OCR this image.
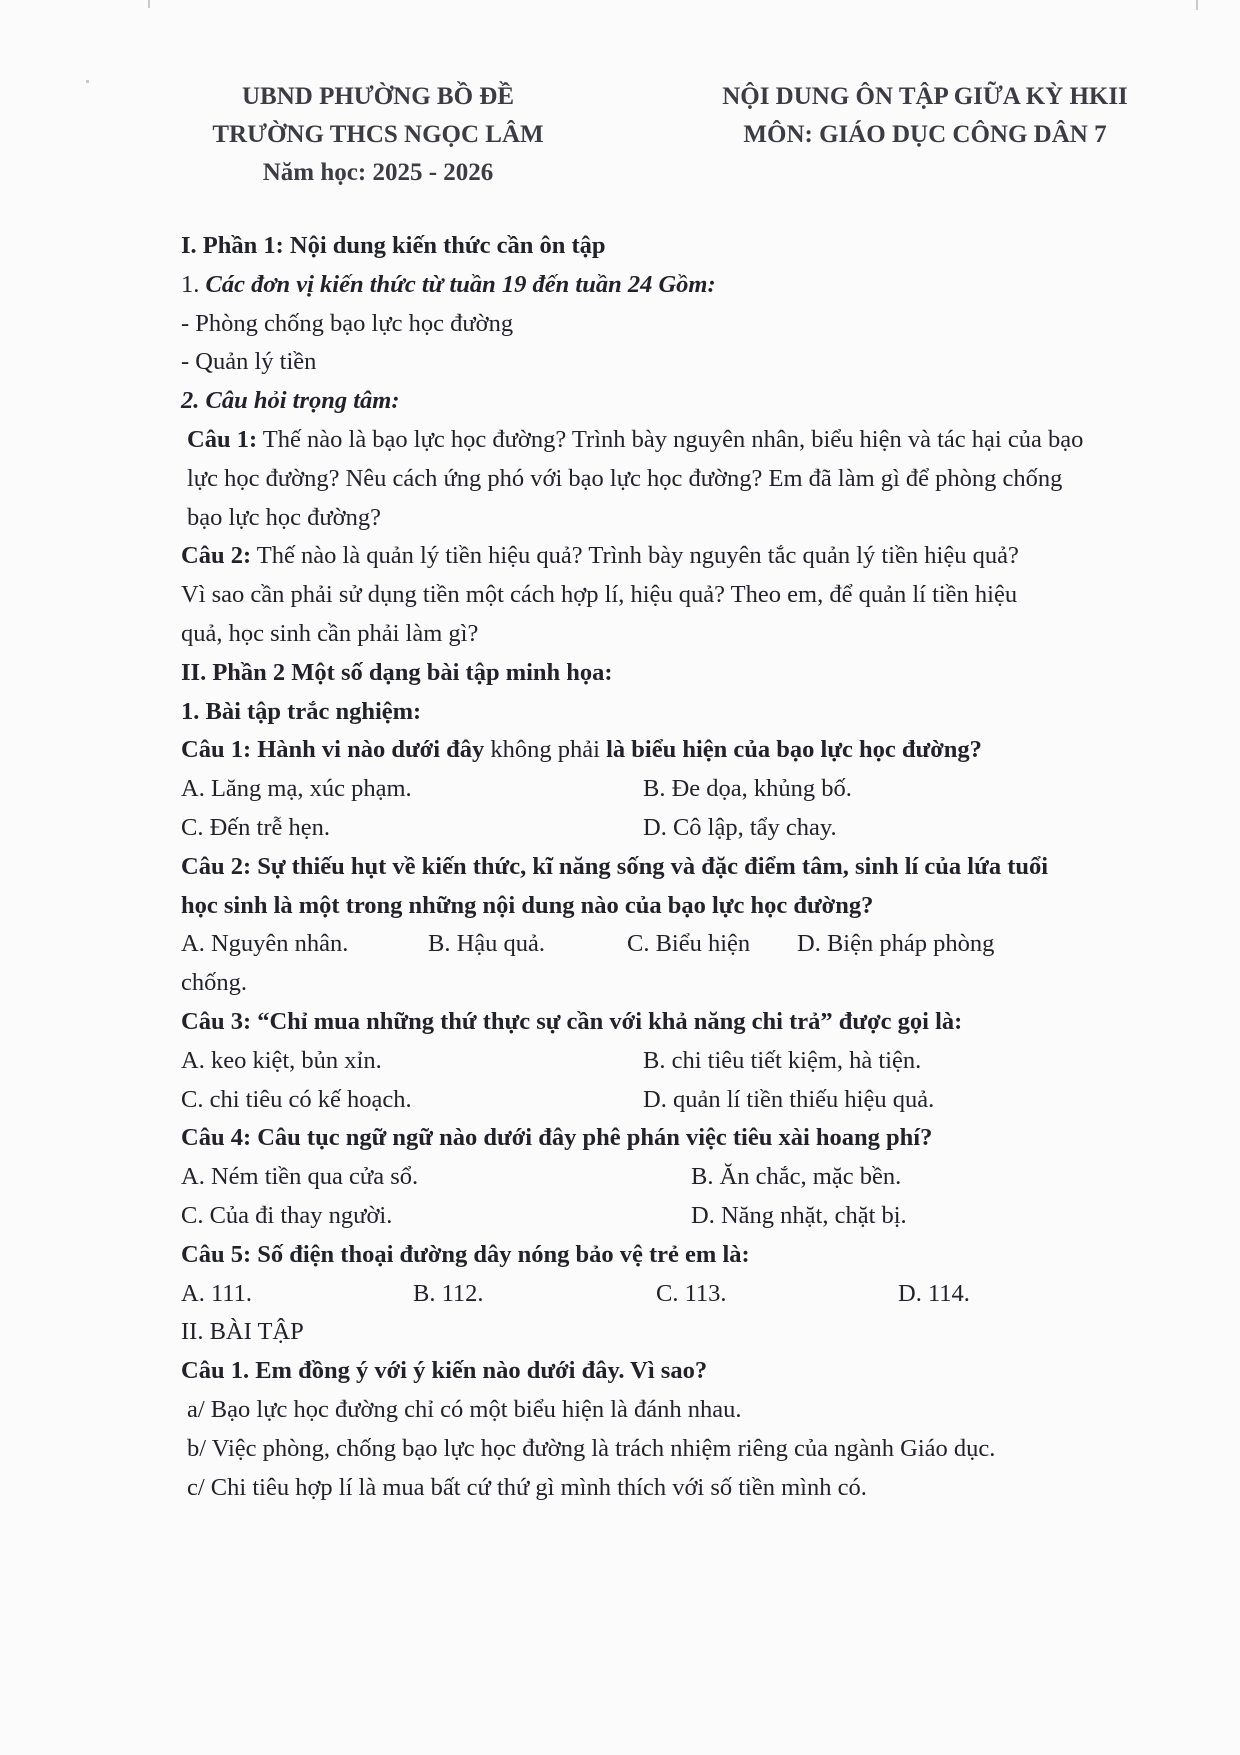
UBND PHƯỜNG BỒ ĐỀ
TRƯỜNG THCS NGỌC LÂM
Năm học: 2025 - 2026
NỘI DUNG ÔN TẬP GIỮA KỲ HKII
MÔN: GIÁO DỤC CÔNG DÂN 7
I. Phần 1: Nội dung kiến thức cần ôn tập
1. Các đơn vị kiến thức từ tuần 19 đến tuần 24 Gồm:
- Phòng chống bạo lực học đường
- Quản lý tiền
2. Câu hỏi trọng tâm:
Câu 1: Thế nào là bạo lực học đường? Trình bày nguyên nhân, biểu hiện và tác hại của bạo lực học đường? Nêu cách ứng phó với bạo lực học đường? Em đã làm gì để phòng chống bạo lực học đường?
Câu 2: Thế nào là quản lý tiền hiệu quả? Trình bày nguyên tắc quản lý tiền hiệu quả?
Vì sao cần phải sử dụng tiền một cách hợp lí, hiệu quả? Theo em, để quản lí tiền hiệu quả, học sinh cần phải làm gì?
II. Phần 2 Một số dạng bài tập minh họa:
1. Bài tập trắc nghiệm:
Câu 1: Hành vi nào dưới đây không phải là biểu hiện của bạo lực học đường?
A. Lăng mạ, xúc phạm.	B. Đe dọa, khủng bố.
C. Đến trễ hẹn.	D. Cô lập, tẩy chay.
Câu 2: Sự thiếu hụt về kiến thức, kĩ năng sống và đặc điểm tâm, sinh lí của lứa tuổi học sinh là một trong những nội dung nào của bạo lực học đường?
A. Nguyên nhân.	B. Hậu quả.	C. Biểu hiện D. Biện pháp phòng
chống.
Câu 3: “Chỉ mua những thứ thực sự cần với khả năng chi trả” được gọi là:
A. keo kiệt, bủn xỉn.	B. chi tiêu tiết kiệm, hà tiện.
C. chi tiêu có kế hoạch.	D. quản lí tiền thiếu hiệu quả.
Câu 4: Câu tục ngữ ngữ nào dưới đây phê phán việc tiêu xài hoang phí?
A. Ném tiền qua cửa sổ.	B. Ăn chắc, mặc bền.
C. Của đi thay người.	D. Năng nhặt, chặt bị.
Câu 5: Số điện thoại đường dây nóng bảo vệ trẻ em là:
A. 111.	B. 112.	C. 113.	D. 114.
II. BÀI TẬP
Câu 1. Em đồng ý với ý kiến nào dưới đây. Vì sao?
a/ Bạo lực học đường chỉ có một biểu hiện là đánh nhau.
b/ Việc phòng, chống bạo lực học đường là trách nhiệm riêng của ngành Giáo dục.
c/ Chi tiêu hợp lí là mua bất cứ thứ gì mình thích với số tiền mình có.
